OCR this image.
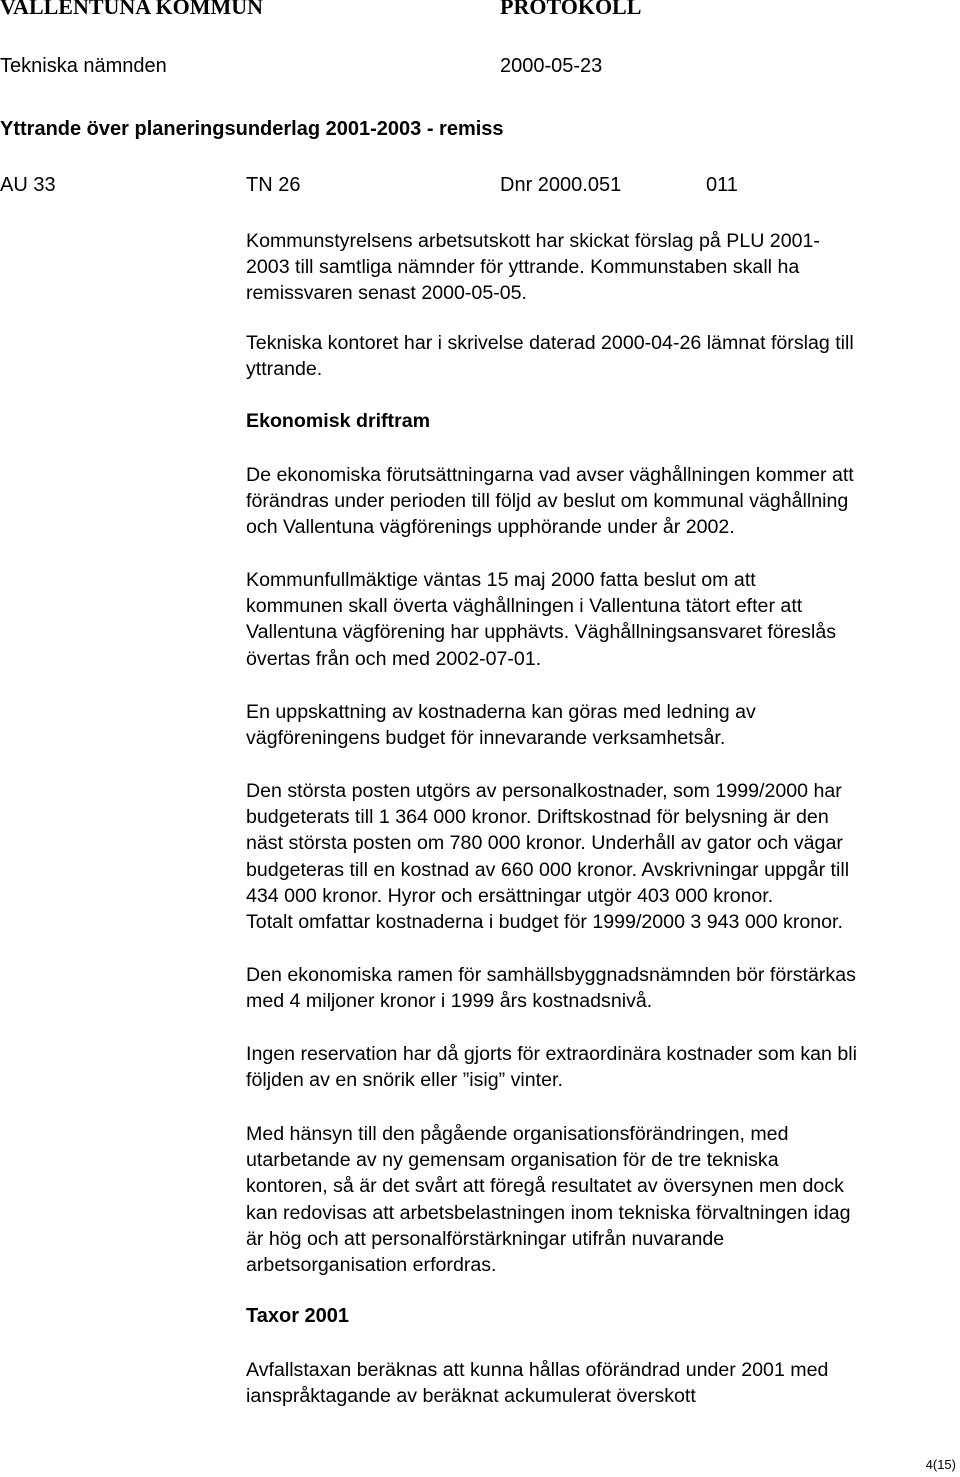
VALLENTUNA KOMMUN	PROTOKOLL
Tekniska nämnden	2000-05-23
Yttrande över planeringsunderlag 2001-2003 - remiss
AU 33	TN 26	Dnr 2000.051	011
Kommunstyrelsens arbetsutskott har skickat förslag på PLU 2001-
2003 till samtliga nämnder för yttrande. Kommunstaben skall ha
remissvaren senast 2000-05-05.
Tekniska kontoret har i skrivelse daterad 2000-04-26 lämnat förslag till
yttrande.
Ekonomisk driftram
De ekonomiska förutsättningarna vad avser väghållningen kommer att
förändras under perioden till följd av beslut om kommunal väghållning
och Vallentuna vägförenings upphörande under år 2002.
Kommunfullmäktige väntas 15 maj 2000 fatta beslut om att
kommunen skall överta väghållningen i Vallentuna tätort efter att
Vallentuna vägförening har upphävts. Väghållningsansvaret föreslås
övertas från och med 2002-07-01.
En uppskattning av kostnaderna kan göras med ledning av
vägföreningens budget för innevarande verksamhetsår.
Den största posten utgörs av personalkostnader, som 1999/2000 har
budgeterats till 1 364 000 kronor. Driftskostnad för belysning är den
näst största posten om 780 000 kronor. Underhåll av gator och vägar
budgeteras till en kostnad av 660 000 kronor. Avskrivningar uppgår till
434 000 kronor. Hyror och ersättningar utgör 403 000 kronor.
Totalt omfattar kostnaderna i budget för 1999/2000 3 943 000 kronor.
Den ekonomiska ramen för samhällsbyggnadsnämnden bör förstärkas
med 4 miljoner kronor i 1999 års kostnadsnivå.
Ingen reservation har då gjorts för extraordinära kostnader som kan bli
följden av en snörik eller ”isig” vinter.
Med hänsyn till den pågående organisationsförändringen, med
utarbetande av ny gemensam organisation för de tre tekniska
kontoren, så är det svårt att föregå resultatet av översynen men dock
kan redovisas att arbetsbelastningen inom tekniska förvaltningen idag
är hög och att personalförstärkningar utifrån nuvarande
arbetsorganisation erfordras.
Taxor 2001
Avfallstaxan beräknas att kunna hållas oförändrad under 2001 med
ianspråktagande av beräknat ackumulerat överskott
4(15)
